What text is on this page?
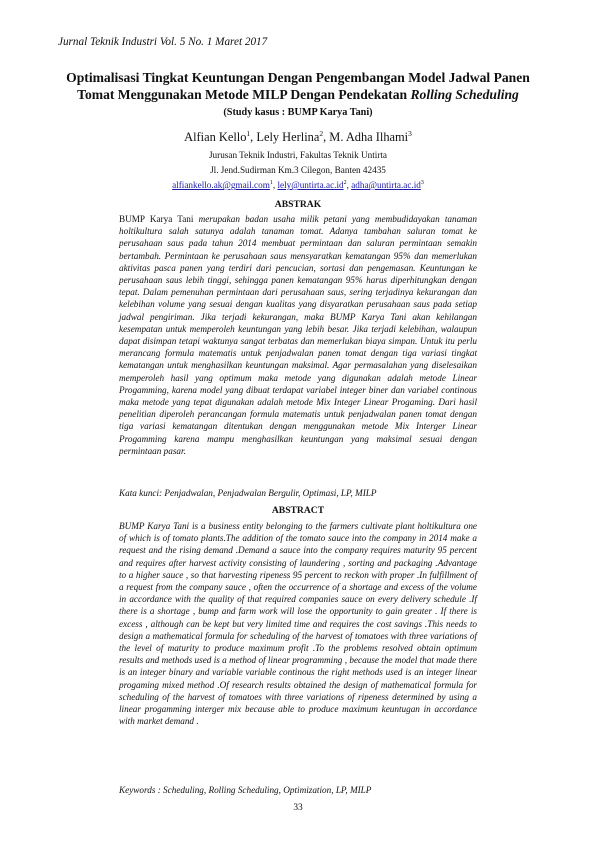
Jurnal Teknik Industri Vol. 5 No. 1 Maret 2017
Optimalisasi Tingkat Keuntungan Dengan Pengembangan Model Jadwal Panen
Tomat Menggunakan Metode MILP Dengan Pendekatan Rolling Scheduling
(Study kasus : BUMP Karya Tani)
Alfian Kello$^1$, Lely Herlina$^2$, M. Adha Ilhami$^3$
Jurusan Teknik Industri, Fakultas Teknik Untirta
Jl. Jend.Sudirman Km.3 Cilegon, Banten 42435
alfiankello.ak@gmail.com$^1$, $lely@untirta.ac.id^2$, $adha@untirta.ac.id^3$
ABSTRAK
BUMP Karya Tani merupakan badan usaha milik petani yang membudidayakan tanaman holtikultura salah satunya adalah tanaman tomat. Adanya tambahan saluran tomat ke perusahaan saus pada tahun 2014 membuat permintaan dan saluran permintaan semakin bertambah. Permintaan ke perusahaan saus mensyaratkan kematangan 95% dan memerlukan aktivitas pasca panen yang terdiri dari pencucian, sortasi dan pengemasan. Keuntungan ke perusahaan saus lebih tinggi, sehingga panen kematangan 95% harus diperhitungkan dengan tepat. Dalam pemenuhan permintaan dari perusahaan saus, sering terjadinya kekurangan dan kelebihan volume yang sesuai dengan kualitas yang disyaratkan perusahaan saus pada setiap jadwal pengiriman. Jika terjadi kekurangan, maka BUMP Karya Tani akan kehilangan kesempatan untuk memperoleh keuntungan yang lebih besar. Jika terjadi kelebihan, walaupun dapat disimpan tetapi waktunya sangat terbatas dan memerlukan biaya simpan. Untuk itu perlu merancang formula matematis untuk penjadwalan panen tomat dengan tiga variasi tingkat kematangan untuk menghasilkan keuntungan maksimal. Agar permasalahan yang diselesaikan memperoleh hasil yang optimum maka metode yang digunakan adalah metode Linear Progamming, karena model yang dibuat terdapat variabel integer biner dan variabel continous maka metode yang tepat digunakan adalah metode Mix Integer Linear Progaming. Dari hasil penelitian diperoleh perancangan formula matematis untuk penjadwalan panen tomat dengan tiga variasi kematangan ditentukan dengan menggunakan metode Mix Interger Linear Progamming karena mampu menghasilkan keuntungan yang maksimal sesuai dengan permintaan pasar.
Kata kunci: Penjadwalan, Penjadwalan Bergulir, Optimasi, LP, MILP
ABSTRACT
BUMP Karya Tani is a business entity belonging to the farmers cultivate plant holtikultura one of which is of tomato plants.The addition of the tomato sauce into the company in 2014 make a request and the rising demand .Demand a sauce into the company requires maturity 95 percent and requires after harvest activity consisting of laundering , sorting and packaging .Advantage to a higher sauce , so that harvesting ripeness 95 percent to reckon with proper .In fulfillment of a request from the company sauce , often the occurrence of a shortage and excess of the volume in accordance with the quality of that required companies sauce on every delivery schedule .If there is a shortage , bump and farm work will lose the opportunity to gain greater . If there is excess , although can be kept but very limited time and requires the cost savings .This needs to design a mathematical formula for scheduling of the harvest of tomatoes with three variations of the level of maturity to produce maximum profit .To the problems resolved obtain optimum results and methods used is a method of linear programming , because the model that made there is an integer binary and variable variable continous the right methods used is an integer linear progaming mixed method .Of research results obtained the design of mathematical formula for scheduling of the harvest of tomatoes with three variations of ripeness determined by using a linear progamming interger mix because able to produce maximum keuntugan in accordance with market demand .
Keywords : Scheduling, Rolling Scheduling, Optimization, LP, MILP
33
